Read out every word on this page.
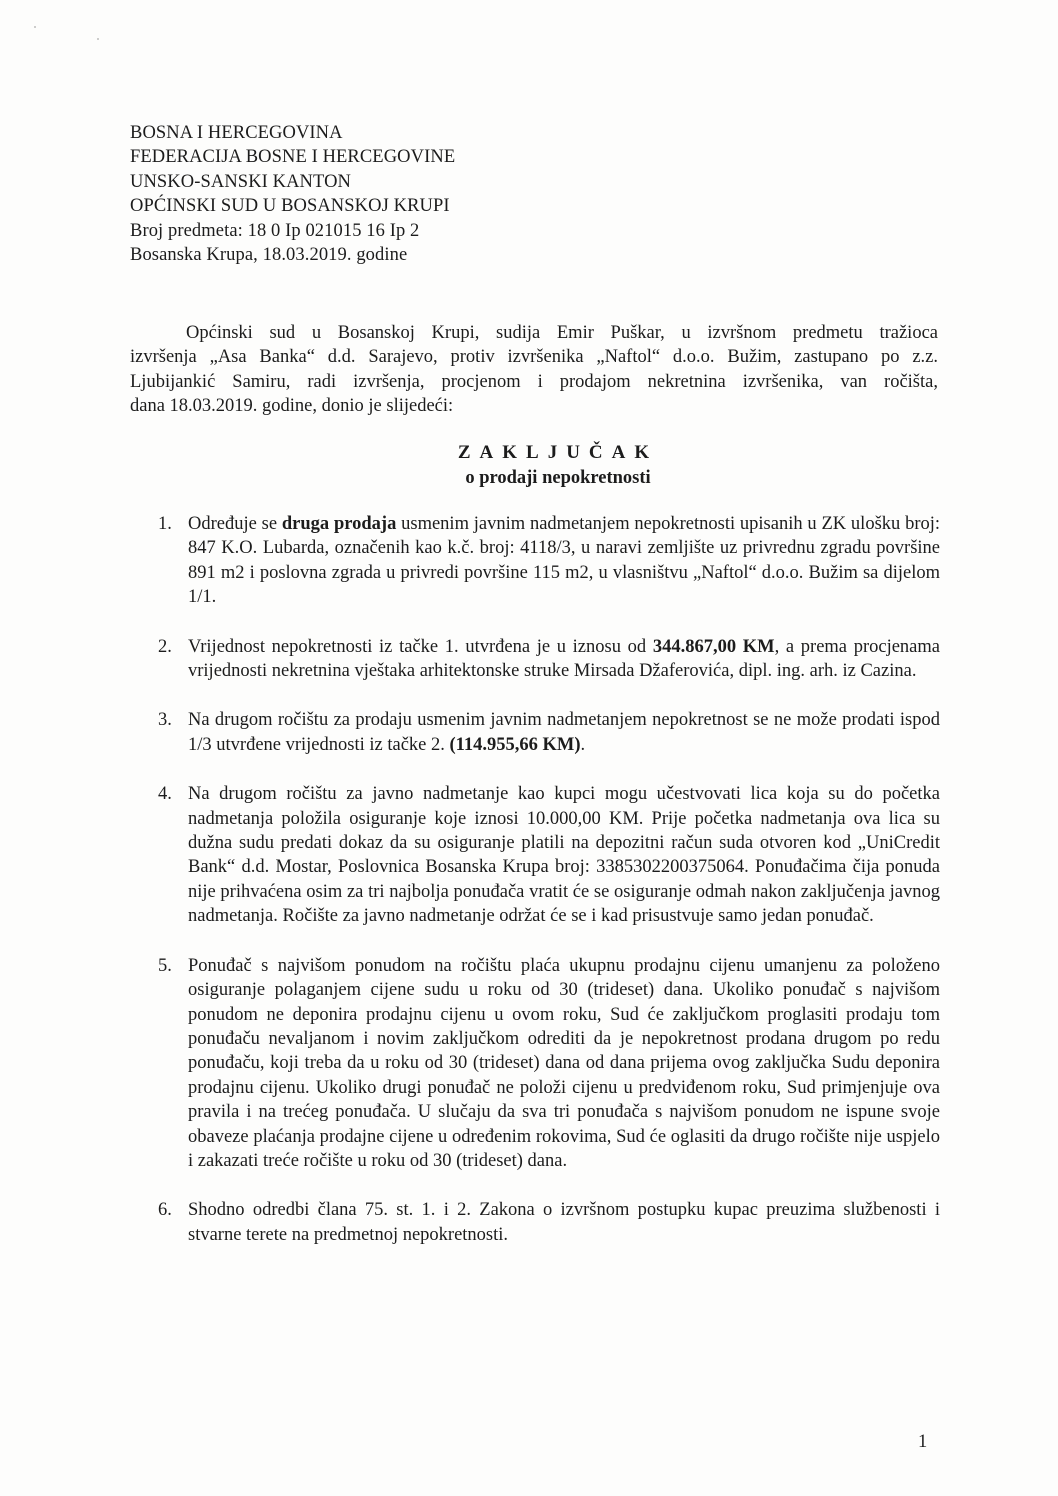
BOSNA I HERCEGOVINA
FEDERACIJA BOSNE I HERCEGOVINE
UNSKO-SANSKI KANTON
OPĆINSKI SUD U BOSANSKOJ KRUPI
Broj predmeta: 18 0 Ip 021015 16 Ip 2
Bosanska Krupa, 18.03.2019. godine

Općinski sud u Bosanskoj Krupi, sudija Emir Puškar, u izvršnom predmetu tražioca

izvršenja „Asa Banka“ d.d. Sarajevo, protiv izvršenika „Naftol“ d.o.o. Bužim, zastupano po z.z.

Ljubijankić Samiru, radi izvršenja, procjenom i prodajom nekretnina izvršenika, van ročišta,

dana 18.03.2019. godine, donio je slijedeći:

ZAKLJUČAK
o prodaji nepokretnosti
1. Određuje se druga prodaja usmenim javnim nadmetanjem nepokretnosti upisanih u ZK ulošku broj: 847 K.O. Lubarda, označenih kao k.č. broj: 4118/3, u naravi zemljište uz privrednu zgradu površine 891 m2 i poslovna zgrada u privredi površine 115 m2, u vlasništvu „Naftol“ d.o.o. Bužim sa dijelom 1/1.
2. Vrijednost nepokretnosti iz tačke 1. utvrđena je u iznosu od 344.867,00 KM, a prema procjenama vrijednosti nekretnina vještaka arhitektonske struke Mirsada Džaferovića, dipl. ing. arh. iz Cazina.
3. Na drugom ročištu za prodaju usmenim javnim nadmetanjem nepokretnost se ne može prodati ispod 1/3 utvrđene vrijednosti iz tačke 2. (114.955,66 KM).
4. Na drugom ročištu za javno nadmetanje kao kupci mogu učestvovati lica koja su do početka nadmetanja položila osiguranje koje iznosi 10.000,00 KM. Prije početka nadmetanja ova lica su dužna sudu predati dokaz da su osiguranje platili na depozitni račun suda otvoren kod „UniCredit Bank“ d.d. Mostar, Poslovnica Bosanska Krupa broj: 3385302200375064. Ponuđačima čija ponuda nije prihvaćena osim za tri najbolja ponuđača vratit će se osiguranje odmah nakon zaključenja javnog nadmetanja. Ročište za javno nadmetanje održat će se i kad prisustvuje samo jedan ponuđač.
5. Ponuđač s najvišom ponudom na ročištu plaća ukupnu prodajnu cijenu umanjenu za položeno osiguranje polaganjem cijene sudu u roku od 30 (trideset) dana. Ukoliko ponuđač s najvišom ponudom ne deponira prodajnu cijenu u ovom roku, Sud će zaključkom proglasiti prodaju tom ponuđaču nevaljanom i novim zaključkom odrediti da je nepokretnost prodana drugom po redu ponuđaču, koji treba da u roku od 30 (trideset) dana od dana prijema ovog zaključka Sudu deponira prodajnu cijenu. Ukoliko drugi ponuđač ne položi cijenu u predviđenom roku, Sud primjenjuje ova pravila i na trećeg ponuđača. U slučaju da sva tri ponuđača s najvišom ponudom ne ispune svoje obaveze plaćanja prodajne cijene u određenim rokovima, Sud će oglasiti da drugo ročište nije uspjelo i zakazati treće ročište u roku od 30 (trideset) dana.
6. Shodno odredbi člana 75. st. 1. i 2. Zakona o izvršnom postupku kupac preuzima službenosti i stvarne terete na predmetnoj nepokretnosti.
1
